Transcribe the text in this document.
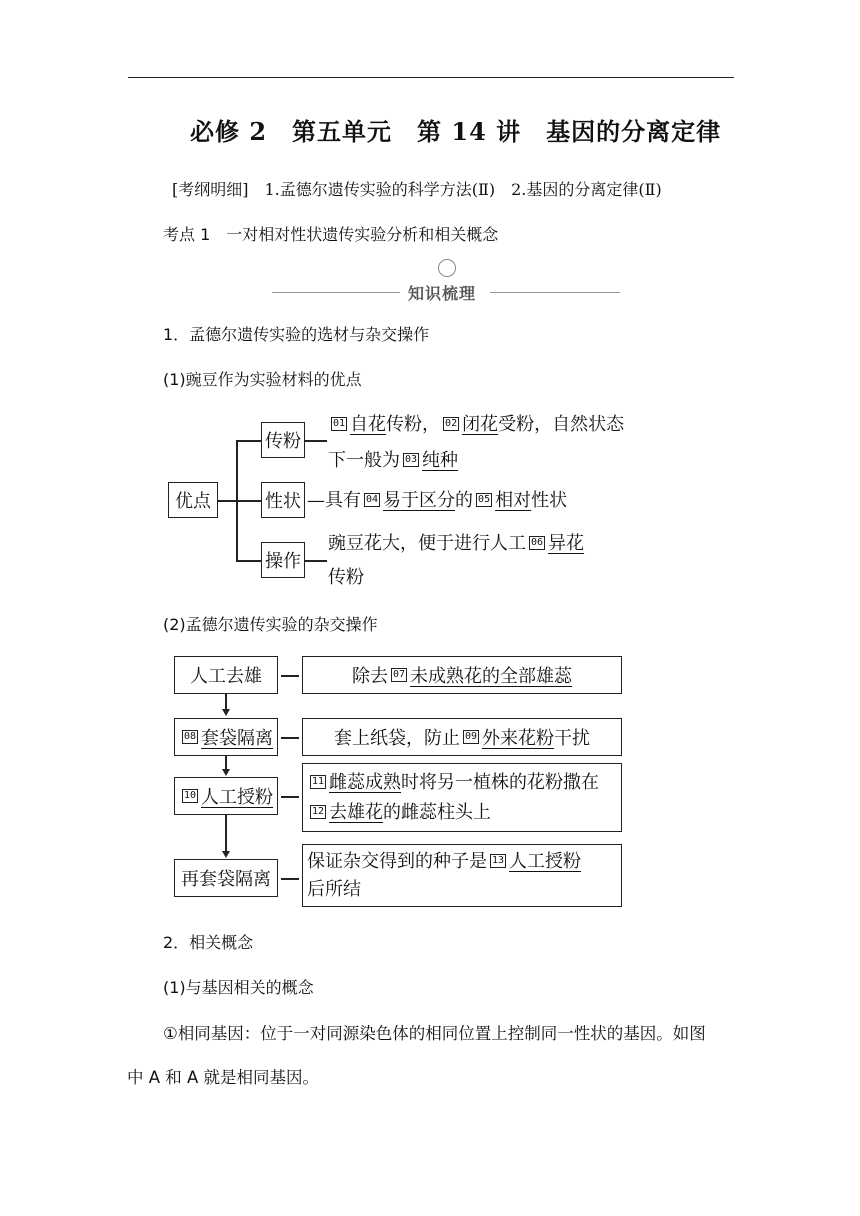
必修 2　第五单元　第 14 讲　基因的分离定律
[考纲明细]　1.孟德尔遗传实验的科学方法(Ⅱ)　2.基因的分离定律(Ⅱ)
考点 1　一对相对性状遗传实验分析和相关概念
知识梳理
1．孟德尔遗传实验的选材与杂交操作
(1)豌豆作为实验材料的优点
优点
传粉
性状
操作
01 自花传粉， 02 闭花受粉，自然状态
下一般为 03 纯种
—具有 04 易于区分的 05 相对性状
豌豆花大，便于进行人工 06 异花
传粉
(2)孟德尔遗传实验的杂交操作
人工去雄
08 套袋隔离
10 人工授粉
再套袋隔离
除去 07 未成熟花的全部雄蕊
套上纸袋，防止 09 外来花粉 干扰
11 雌蕊成熟时将另一植株的花粉撒在
12 去雄花的雌蕊柱头上
保证杂交得到的种子是 13 人工授粉
后所结
2．相关概念
(1)与基因相关的概念
①相同基因：位于一对同源染色体的相同位置上控制同一性状的基因。如图
中 A 和 A 就是相同基因。
